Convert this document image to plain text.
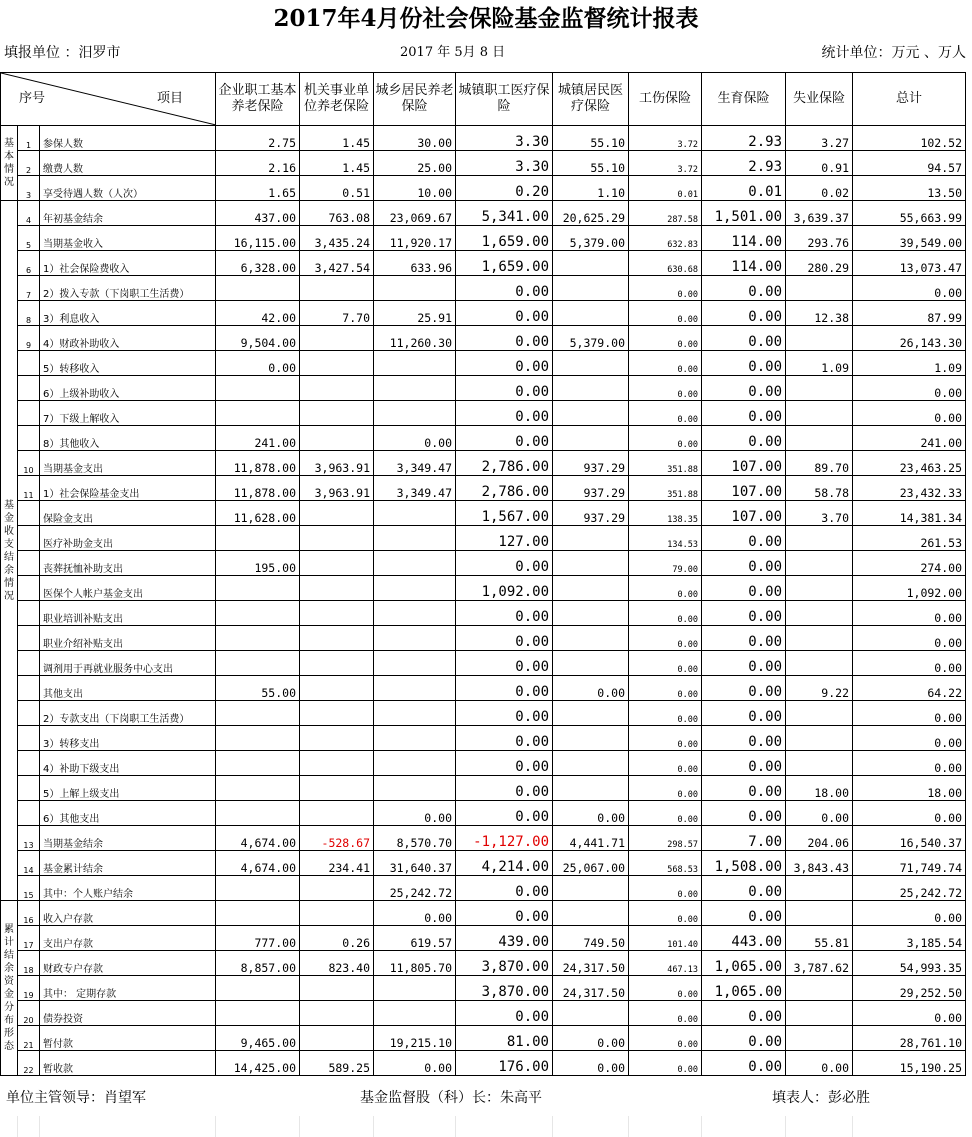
2017年4月份社会保险基金监督统计报表
填报单位 ：汨罗市	2017 年 5月 8 日	统计单位：万元 、万人
序号 项目			企业职工基本养老保险	机关事业单位养老保险	城乡居民养老保险	城镇职工医疗保险	城镇居民医疗保险	工伤保险	生育保险	失业保险	总计
基本情况	1	参保人数	2.75	1.45	30.00	3.30	55.10	3.72	2.93	3.27	102.52
	2	缴费人数	2.16	1.45	25.00	3.30	55.10	3.72	2.93	0.91	94.57
	3	享受待遇人数（人次）	1.65	0.51	10.00	0.20	1.10	0.01	0.01	0.02	13.50
基金收支结余情况	4	年初基金结余	437.00	763.08	23,069.67	5,341.00	20,625.29	287.58	1,501.00	3,639.37	55,663.99
	5	当期基金收入	16,115.00	3,435.24	11,920.17	1,659.00	5,379.00	632.83	114.00	293.76	39,549.00
	6	1）社会保险费收入	6,328.00	3,427.54	633.96	1,659.00		630.68	114.00	280.29	13,073.47
	7	2）拨入专款（下岗职工生活费）				0.00		0.00	0.00		0.00
	8	3）利息收入	42.00	7.70	25.91	0.00		0.00	0.00	12.38	87.99
	9	4）财政补助收入	9,504.00		11,260.30	0.00	5,379.00	0.00	0.00		26,143.30
		5）转移收入	0.00			0.00		0.00	0.00	1.09	1.09
		6）上级补助收入				0.00		0.00	0.00		0.00
		7）下级上解收入				0.00		0.00	0.00		0.00
		8）其他收入	241.00		0.00	0.00		0.00	0.00		241.00
	10	当期基金支出	11,878.00	3,963.91	3,349.47	2,786.00	937.29	351.88	107.00	89.70	23,463.25
	11	1）社会保险基金支出	11,878.00	3,963.91	3,349.47	2,786.00	937.29	351.88	107.00	58.78	23,432.33
		保险金支出	11,628.00			1,567.00	937.29	138.35	107.00	3.70	14,381.34
		医疗补助金支出				127.00		134.53	0.00		261.53
		丧葬抚恤补助支出	195.00			0.00		79.00	0.00		274.00
		医保个人帐户基金支出				1,092.00		0.00	0.00		1,092.00
		职业培训补贴支出				0.00		0.00	0.00		0.00
		职业介绍补贴支出				0.00		0.00	0.00		0.00
		调剂用于再就业服务中心支出				0.00		0.00	0.00		0.00
		其他支出	55.00			0.00	0.00	0.00	0.00	9.22	64.22
		2）专款支出（下岗职工生活费）				0.00		0.00	0.00		0.00
		3）转移支出				0.00		0.00	0.00		0.00
		4）补助下级支出				0.00		0.00	0.00		0.00
		5）上解上级支出				0.00		0.00	0.00	18.00	18.00
		6）其他支出			0.00	0.00	0.00	0.00	0.00	0.00	0.00
	13	当期基金结余	4,674.00	-528.67	8,570.70	-1,127.00	4,441.71	298.57	7.00	204.06	16,540.37
	14	基金累计结余	4,674.00	234.41	31,640.37	4,214.00	25,067.00	568.53	1,508.00	3,843.43	71,749.74
	15	其中：个人账户结余			25,242.72	0.00		0.00	0.00		25,242.72
累计结余资金分布形态	16	收入户存款			0.00	0.00		0.00	0.00		0.00
	17	支出户存款	777.00	0.26	619.57	439.00	749.50	101.40	443.00	55.81	3,185.54
	18	财政专户存款	8,857.00	823.40	11,805.70	3,870.00	24,317.50	467.13	1,065.00	3,787.62	54,993.35
	19	其中： 定期存款				3,870.00	24,317.50	0.00	1,065.00		29,252.50
	20	债券投资				0.00		0.00	0.00		0.00
	21	暂付款	9,465.00		19,215.10	81.00	0.00	0.00	0.00		28,761.10
	22	暂收款	14,425.00	589.25	0.00	176.00	0.00	0.00	0.00	0.00	15,190.25
单位主管领导：肖望军	基金监督股（科）长：朱高平	填表人：彭必胜
